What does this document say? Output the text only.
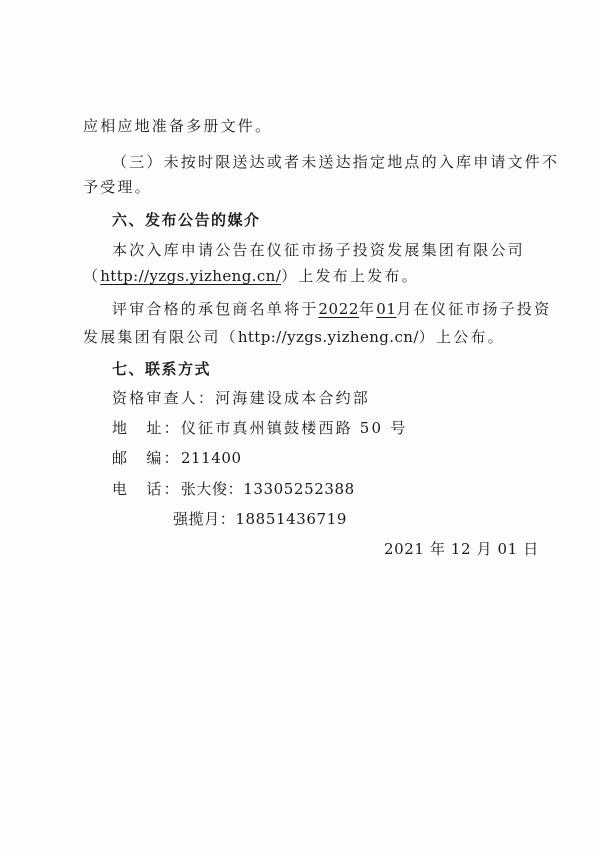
应相应地准备多册文件。
（三）未按时限送达或者未送达指定地点的入库申请文件不
予受理。
六、发布公告的媒介
本次入库申请公告在仪征市扬子投资发展集团有限公司
（http://yzgs.yizheng.cn/）上发布上发布。
评审合格的承包商名单将于2022年01月在仪征市扬子投资
发展集团有限公司（http://yzgs.yizheng.cn/）上公布。
七、联系方式
资格审查人：河海建设成本合约部
地　址：仪征市真州镇鼓楼西路 50 号
邮　编：211400
电　话：张大俊：13305252388
强揽月：18851436719
2021 年 12 月 01 日
